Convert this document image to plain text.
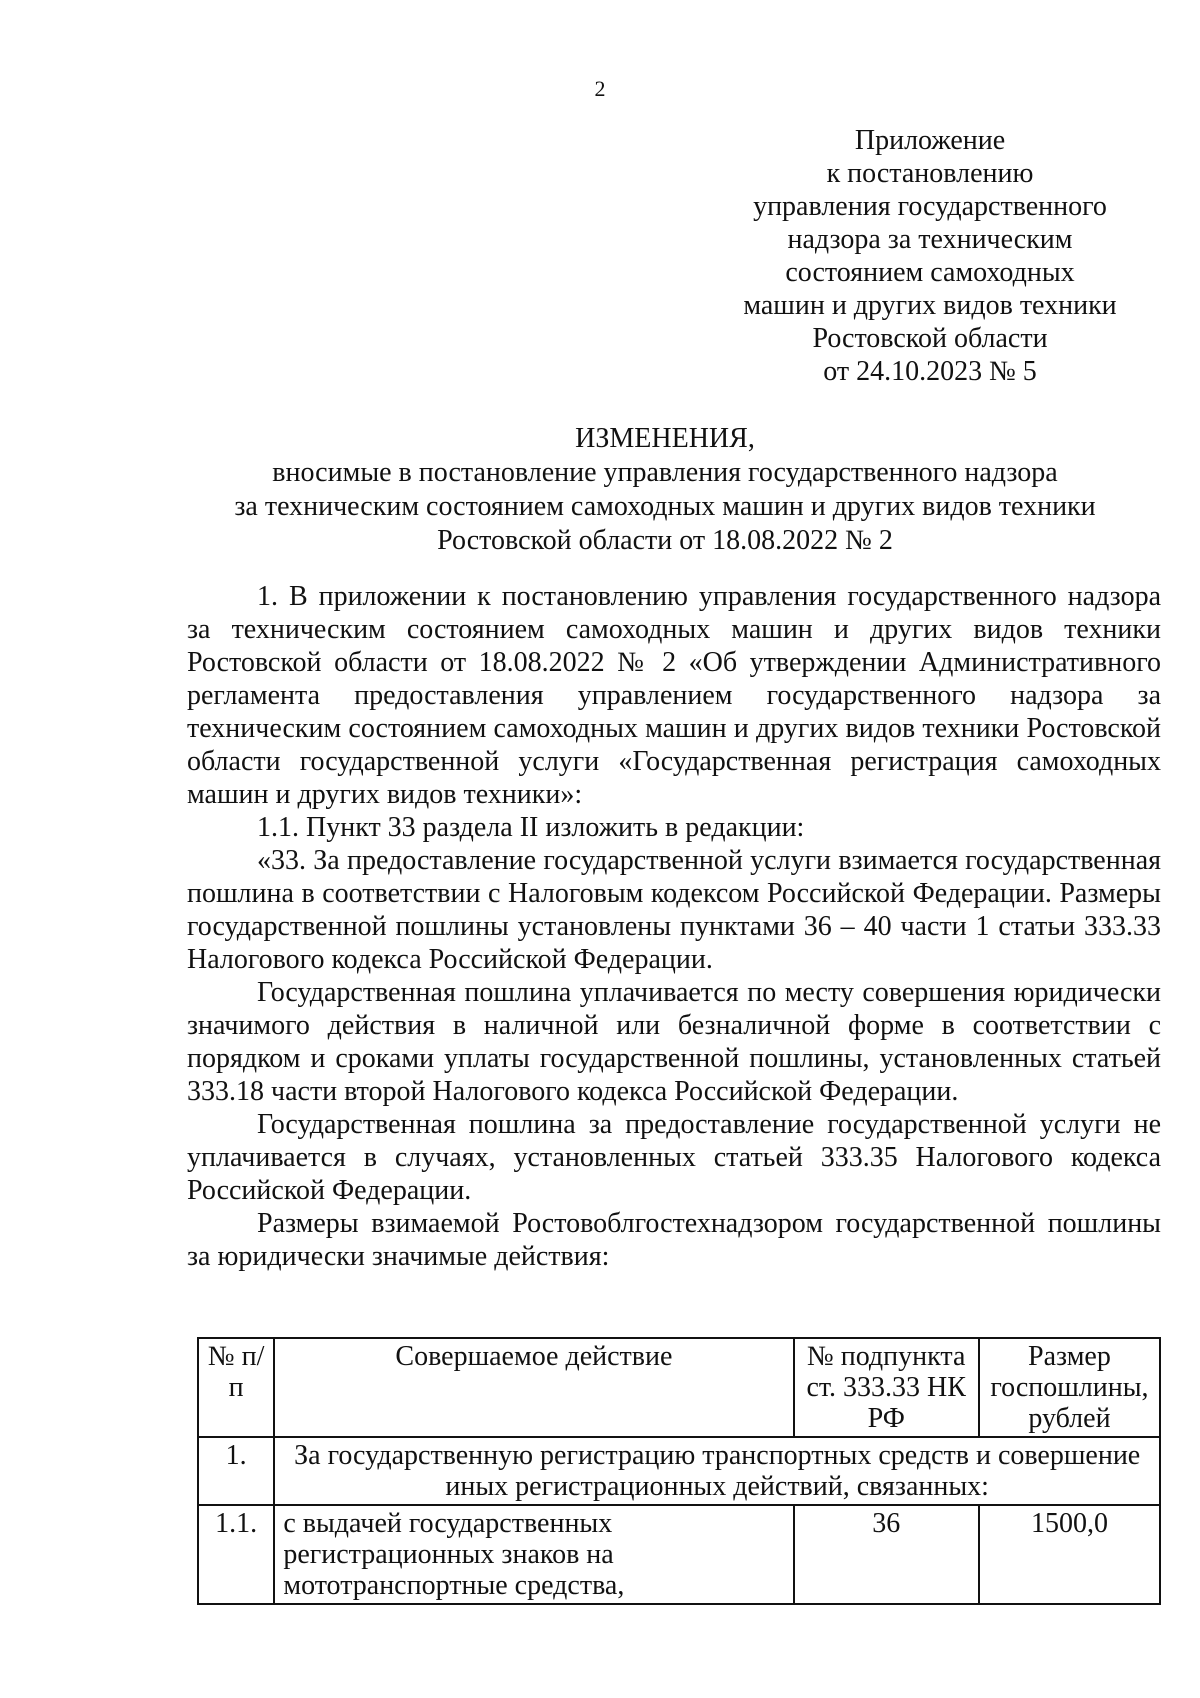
2
Приложение
к постановлению
управления государственного
надзора за техническим
состоянием самоходных
машин и других видов техники
Ростовской области
от 24.10.2023 № 5
ИЗМЕНЕНИЯ,
вносимые в постановление управления государственного надзора
за техническим состоянием самоходных машин и других видов техники
Ростовской области от 18.08.2022 № 2

1. В приложении к постановлению управления государственного надзора за техническим состоянием самоходных машин и других видов техники Ростовской области от 18.08.2022 № 2 «Об утверждении Административного регламента предоставления управлением государственного надзора за техническим состоянием самоходных машин и других видов техники Ростовской области государственной услуги «Государственная регистрация самоходных машин и других видов техники»:

1.1. Пункт 33 раздела II изложить в редакции:

«33. За предоставление государственной услуги взимается государственная пошлина в соответствии с Налоговым кодексом Российской Федерации. Размеры государственной пошлины установлены пунктами 36 – 40 части 1 статьи 333.33 Налогового кодекса Российской Федерации.

Государственная пошлина уплачивается по месту совершения юридически значимого действия в наличной или безналичной форме в соответствии с порядком и сроками уплаты государственной пошлины, установленных статьей 333.18 части второй Налогового кодекса Российской Федерации.

Государственная пошлина за предоставление государственной услуги не уплачивается в случаях, установленных статьей 333.35 Налогового кодекса Российской Федерации.

Размеры взимаемой Ростовоблгостехнадзором государственной пошлины за юридически значимые действия:

№ п/п	Совершаемое действие	№ подпункта ст. 333.33 НК РФ	Размер госпошлины, рублей
1.	За государственную регистрацию транспортных средств и совершение иных регистрационных действий, связанных:		
1.1.	с выдачей государственных регистрационных знаков на мототранспортные средства,	36	1500,0
